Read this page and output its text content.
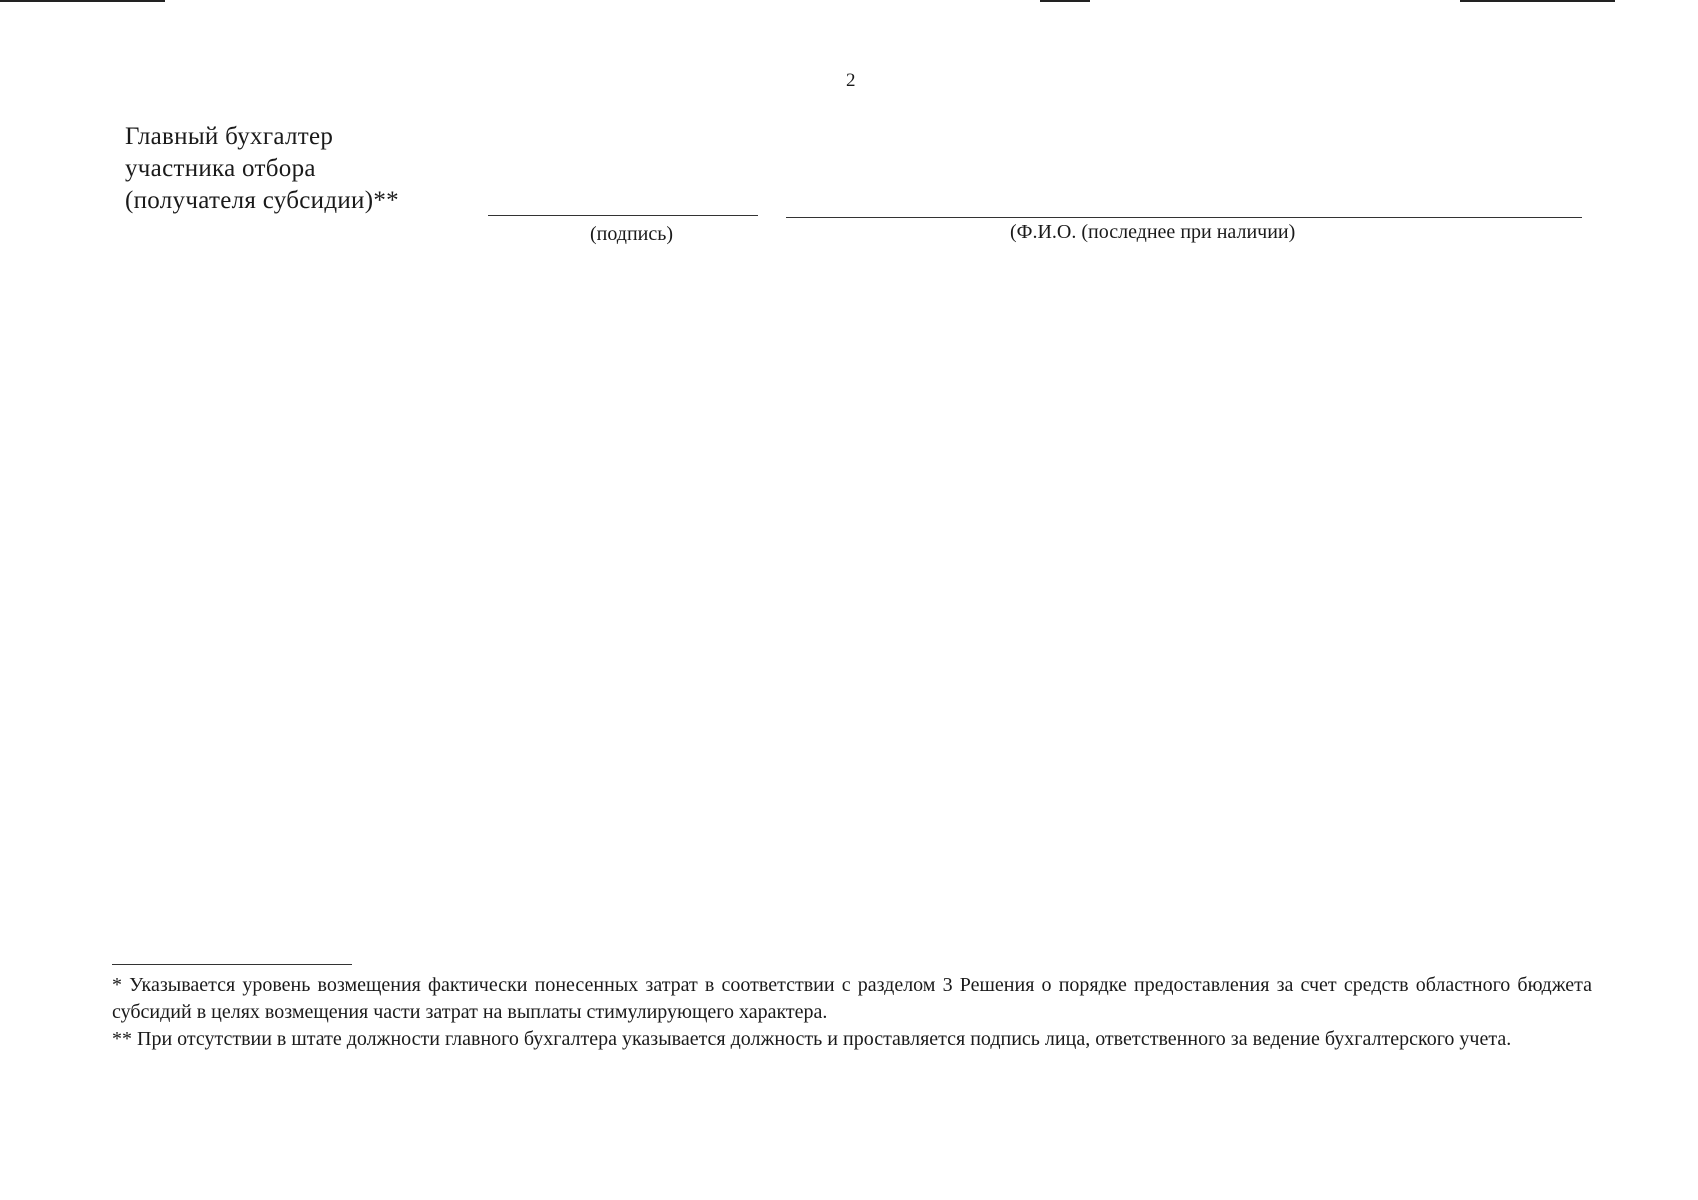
2
Главный бухгалтер
участника отбора
(получателя субсидии)**
(подпись)	(Ф.И.О. (последнее при наличии)

* Указывается уровень возмещения фактически понесенных затрат в соответствии с разделом 3 Решения о порядке предоставления за счет средств областного бюджета субсидий в целях возмещения части затрат на выплаты стимулирующего характера.

** При отсутствии в штате должности главного бухгалтера указывается должность и проставляется подпись лица, ответственного за ведение бухгалтерского учета.
